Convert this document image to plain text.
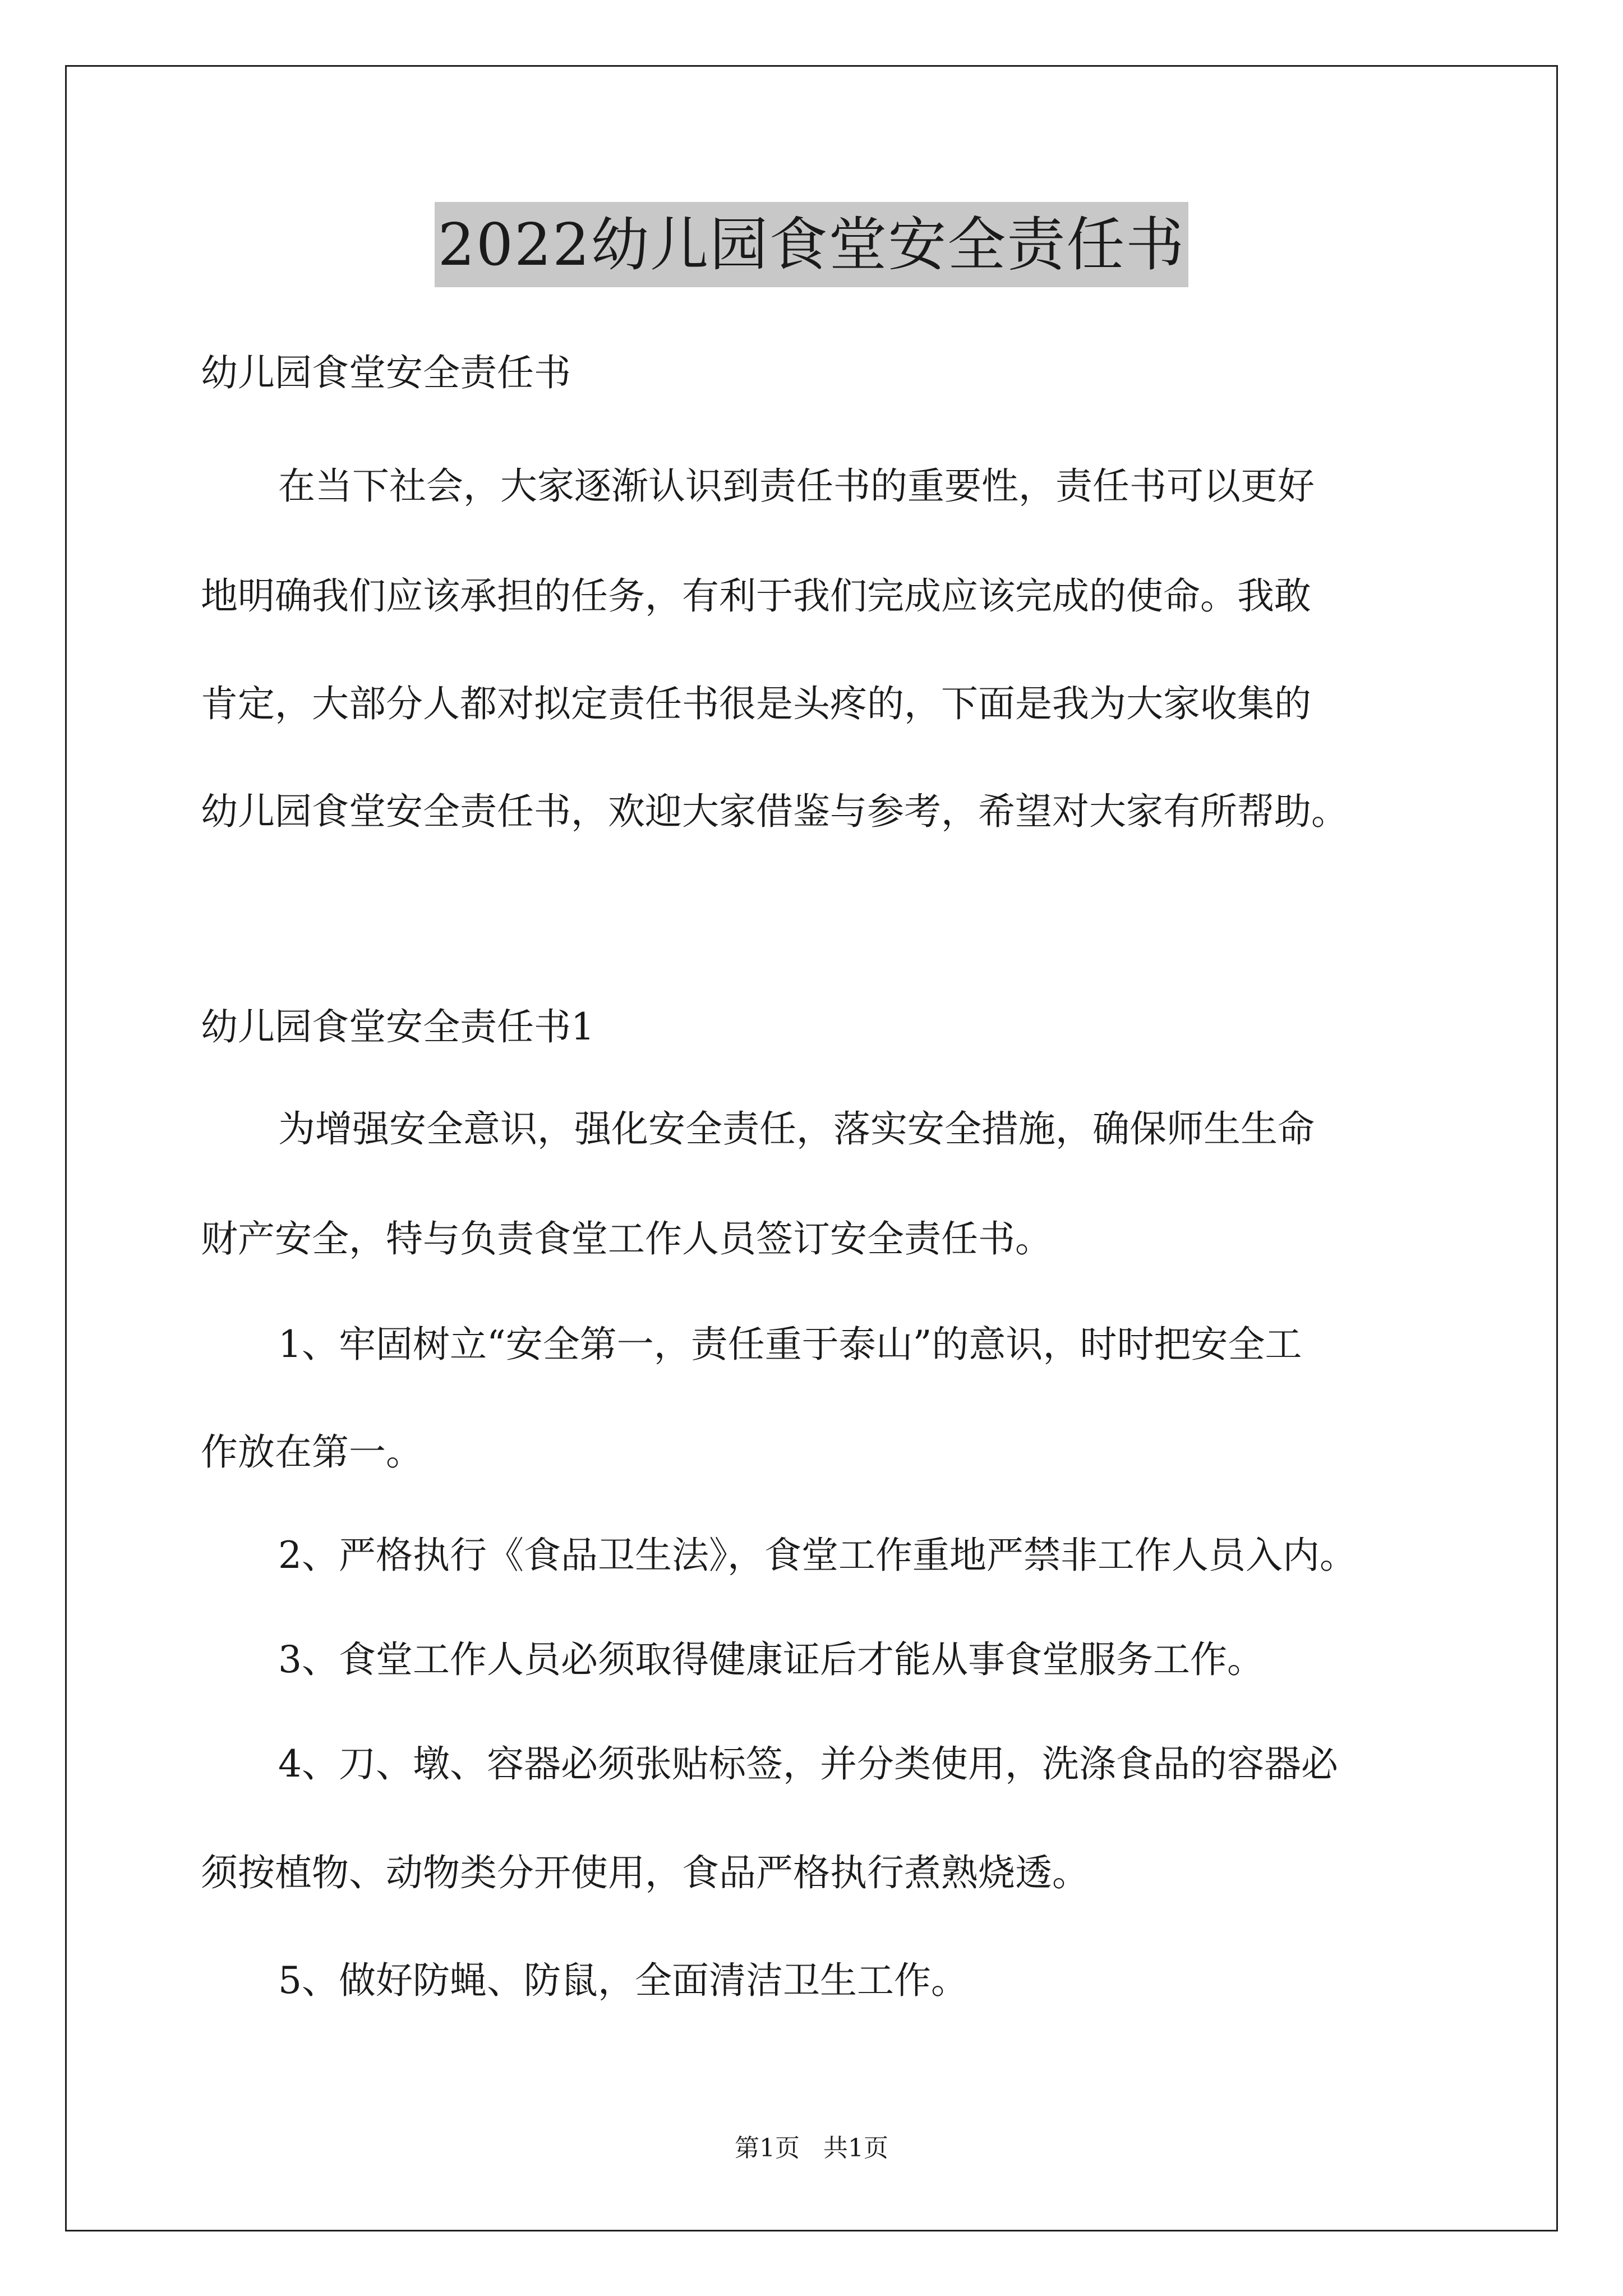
2022幼儿园食堂安全责任书
幼儿园食堂安全责任书
在当下社会，大家逐渐认识到责任书的重要性，责任书可以更好
地明确我们应该承担的任务，有利于我们完成应该完成的使命。我敢
肯定，大部分人都对拟定责任书很是头疼的，下面是我为大家收集的
幼儿园食堂安全责任书，欢迎大家借鉴与参考，希望对大家有所帮助。
幼儿园食堂安全责任书1
为增强安全意识，强化安全责任，落实安全措施，确保师生生命
财产安全，特与负责食堂工作人员签订安全责任书。
1、牢固树立“安全第一，责任重于泰山”的意识，时时把安全工
作放在第一。
2、严格执行《食品卫生法》，食堂工作重地严禁非工作人员入内。
3、食堂工作人员必须取得健康证后才能从事食堂服务工作。
4、刀、墩、容器必须张贴标签，并分类使用，洗涤食品的容器必
须按植物、动物类分开使用，食品严格执行煮熟烧透。
5、做好防蝇、防鼠，全面清洁卫生工作。
第1页 共1页
